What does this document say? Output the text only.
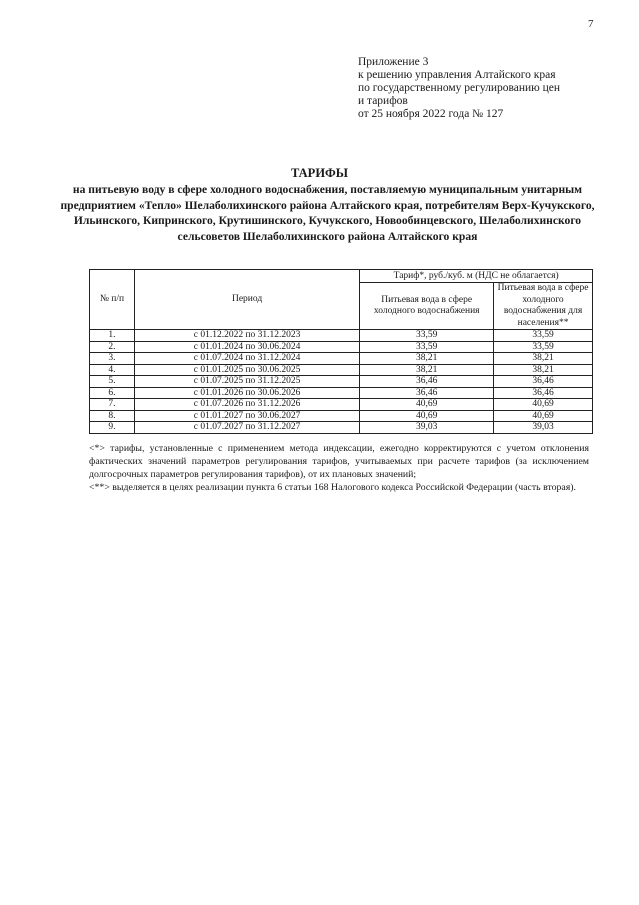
7
Приложение 3
к решению управления Алтайского края
по государственному регулированию цен
и тарифов
от 25 ноября 2022 года № 127
ТАРИФЫ
на питьевую воду в сфере холодного водоснабжения, поставляемую муниципальным унитарным предприятием «Тепло» Шелаболихинского района Алтайского края, потребителям Верх-Кучукского, Ильинского, Кипринского, Крутишинского, Кучукского, Новообинцевского, Шелаболихинского сельсоветов Шелаболихинского района Алтайского края
№ п/п	Период	Тариф*, руб./куб. м (НДС не облагается)	
		Питьевая вода в сфере холодного водоснабжения	Питьевая вода в сфере холодного водоснабжения для населения**
1.	с 01.12.2022 по 31.12.2023	33,59	33,59
2.	с 01.01.2024 по 30.06.2024	33,59	33,59
3.	с 01.07.2024 по 31.12.2024	38,21	38,21
4.	с 01.01.2025 по 30.06.2025	38,21	38,21
5.	с 01.07.2025 по 31.12.2025	36,46	36,46
6.	с 01.01.2026 по 30.06.2026	36,46	36,46
7.	с 01.07.2026 по 31.12.2026	40,69	40,69
8.	с 01.01.2027 по 30.06.2027	40,69	40,69
9.	с 01.07.2027 по 31.12.2027	39,03	39,03

<*> тарифы, установленные с применением метода индексации, ежегодно корректируются с учетом отклонения фактических значений параметров регулирования тарифов, учитываемых при расчете тарифов (за исключением долгосрочных параметров регулирования тарифов), от их плановых значений;

<**> выделяется в целях реализации пункта 6 статьи 168 Налогового кодекса Российской Федерации (часть вторая).
